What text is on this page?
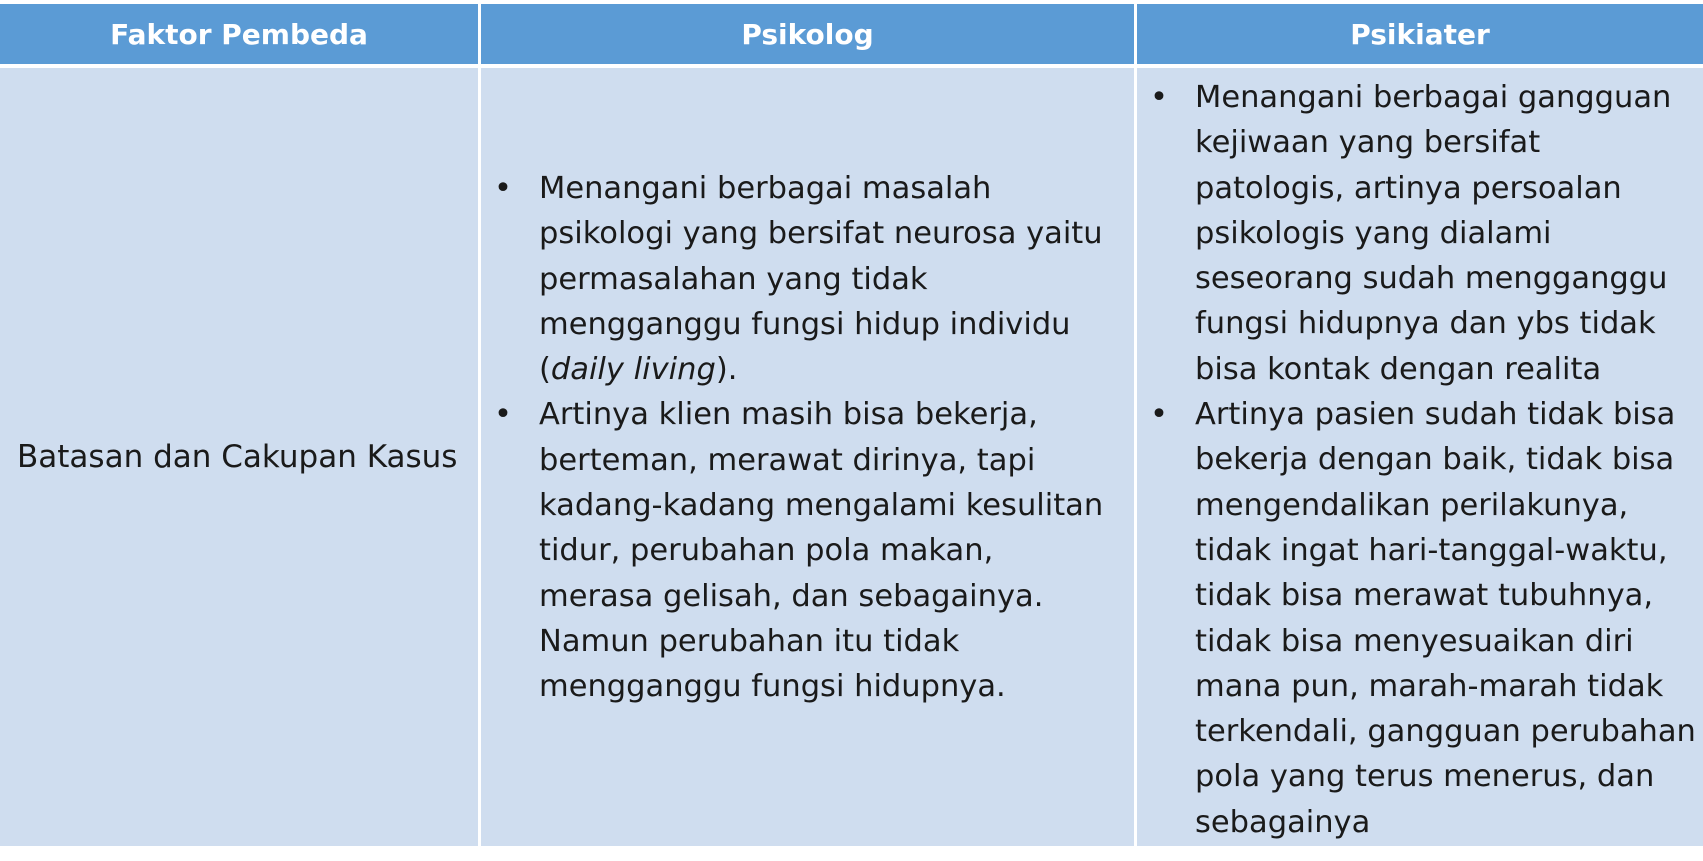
Faktor Pembeda	Psikolog	Psikiater
Batasan dan Cakupan Kasus
• Menangani berbagai masalah psikologi yang bersifat neurosa yaitu permasalahan yang tidak mengganggu fungsi hidup individu (daily living).
• Artinya klien masih bisa bekerja, berteman, merawat dirinya, tapi kadang-kadang mengalami kesulitan tidur, perubahan pola makan, merasa gelisah, dan sebagainya. Namun perubahan itu tidak mengganggu fungsi hidupnya.
• Menangani berbagai gangguan kejiwaan yang bersifat patologis, artinya persoalan psikologis yang dialami seseorang sudah mengganggu fungsi hidupnya dan ybs tidak bisa kontak dengan realita
• Artinya pasien sudah tidak bisa bekerja dengan baik, tidak bisa mengendalikan perilakunya, tidak ingat hari-tanggal-waktu, tidak bisa merawat tubuhnya, tidak bisa menyesuaikan diri mana pun, marah-marah tidak terkendali, gangguan perubahan pola yang terus menerus, dan sebagainya
